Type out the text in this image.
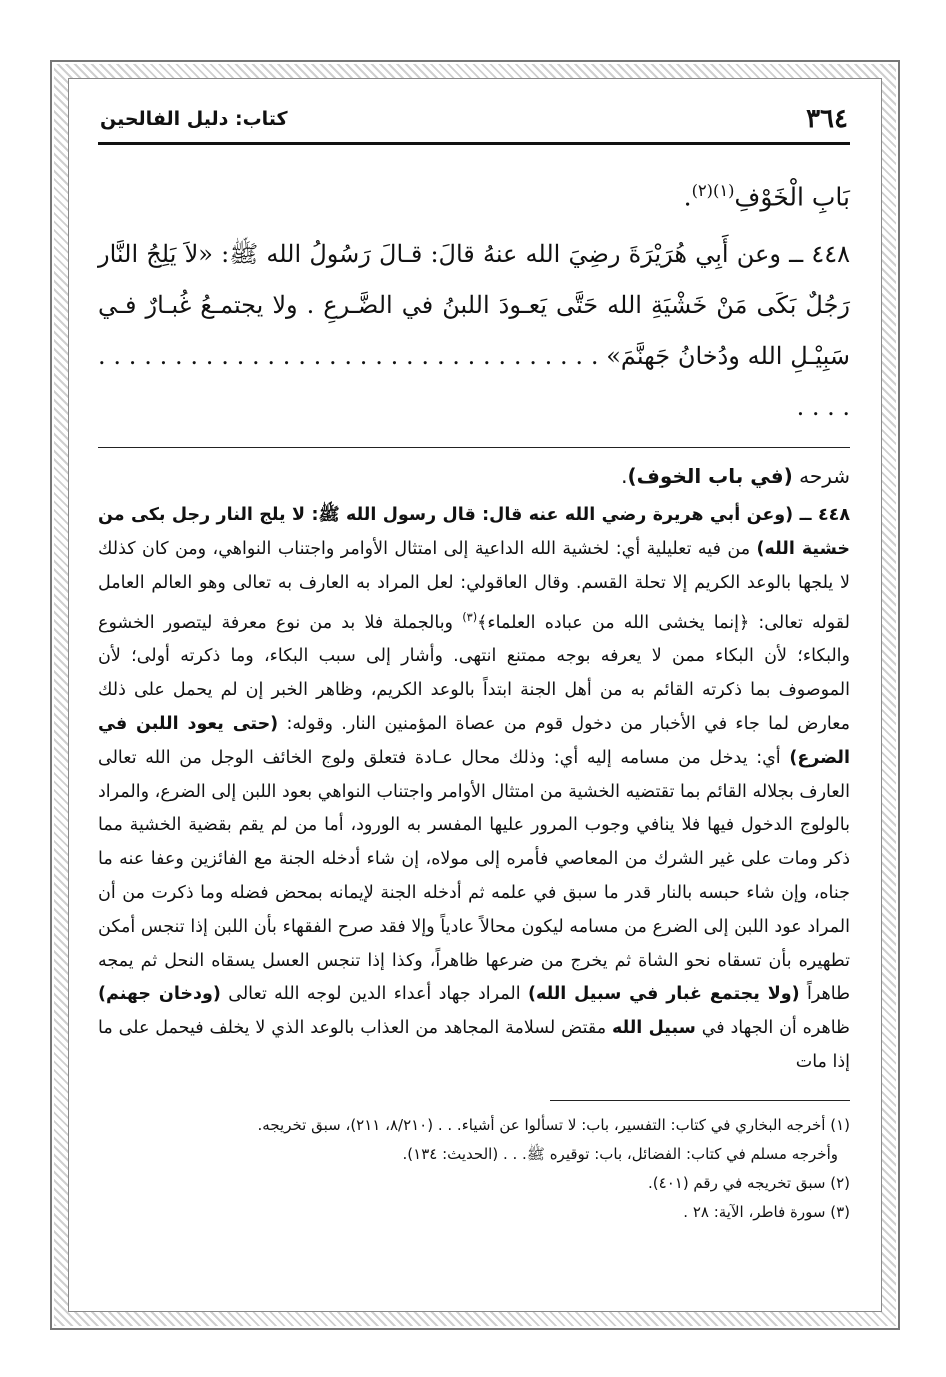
٣٦٤
كتاب: دليل الفالحين
بَابِ الْخَوْفِ$^{(١)(٢)}$.
٤٤٨ ــ وعن أَبِي هُرَيْرَةَ رضِيَ الله عنهُ قالَ: قـالَ رَسُولُ الله ﷺ: «لاَ يَلِجُ النَّار رَجُلٌ بَكَى مَنْ خَشْيَةِ الله حَتَّى يَعـودَ اللبنُ في الضَّـرعِ . ولا يجتمـعُ غُبـارٌ فـي سَبِيْـلِ الله ودُخانُ جَهنَّمَ» . . . . . . . . . . . . . . . . . . . . . . . . . . . . . . . . . . . . .
شرحه (في باب الخوف).
٤٤٨ ــ (وعن أبي هريرة رضي الله عنه قال: قال رسول الله ﷺ: لا يلج النار رجل بكى من خشية الله) من فيه تعليلية أي: لخشية الله الداعية إلى امتثال الأوامر واجتناب النواهي، ومن كان كذلك لا يلجها بالوعد الكريم إلا تحلة القسم. وقال العاقولي: لعل المراد به العارف به تعالى وهو العالم العامل لقوله تعالى: ﴿إنما يخشى الله من عباده العلماء﴾$^{(٣)}$ وبالجملة فلا بد من نوع معرفة ليتصور الخشوع والبكاء؛ لأن البكاء ممن لا يعرفه بوجه ممتنع انتهى. وأشار إلى سبب البكاء، وما ذكرته أولى؛ لأن الموصوف بما ذكرته القائم به من أهل الجنة ابتداً بالوعد الكريم، وظاهر الخبر إن لم يحمل على ذلك معارض لما جاء في الأخبار من دخول قوم من عصاة المؤمنين النار. وقوله: (حتى يعود اللبن في الضرع) أي: يدخل من مسامه إليه أي: وذلك محال عـادة فتعلق ولوج الخائف الوجل من الله تعالى العارف بجلاله القائم بما تقتضيه الخشية من امتثال الأوامر واجتناب النواهي بعود اللبن إلى الضرع، والمراد بالولوج الدخول فيها فلا ينافي وجوب المرور عليها المفسر به الورود، أما من لم يقم بقضية الخشية مما ذكر ومات على غير الشرك من المعاصي فأمره إلى مولاه، إن شاء أدخله الجنة مع الفائزين وعفا عنه ما جناه، وإن شاء حبسه بالنار قدر ما سبق في علمه ثم أدخله الجنة لإيمانه بمحض فضله وما ذكرت من أن المراد عود اللبن إلى الضرع من مسامه ليكون محالاً عادياً وإلا فقد صرح الفقهاء بأن اللبن إذا تنجس أمكن تطهيره بأن تسقاه نحو الشاة ثم يخرج من ضرعها ظاهراً، وكذا إذا تنجس العسل يسقاه النحل ثم يمجه طاهراً (ولا يجتمع غبار في سبيل الله) المراد جهاد أعداء الدين لوجه الله تعالى (ودخان جهنم) ظاهره أن الجهاد في سبيل الله مقتض لسلامة المجاهد من العذاب بالوعد الذي لا يخلف فيحمل على ما إذا مات
(١) أخرجه البخاري في كتاب: التفسير، باب: لا تسألوا عن أشياء. . . (٨/٢١٠، ٢١١)، سبق تخريجه.
وأخرجه مسلم في كتاب: الفضائل، باب: توقيره ﷺ. . . (الحديث: ١٣٤).
(٢) سبق تخريجه في رقم (٤٠١).
(٣) سورة فاطر، الآية: ٢٨ .
